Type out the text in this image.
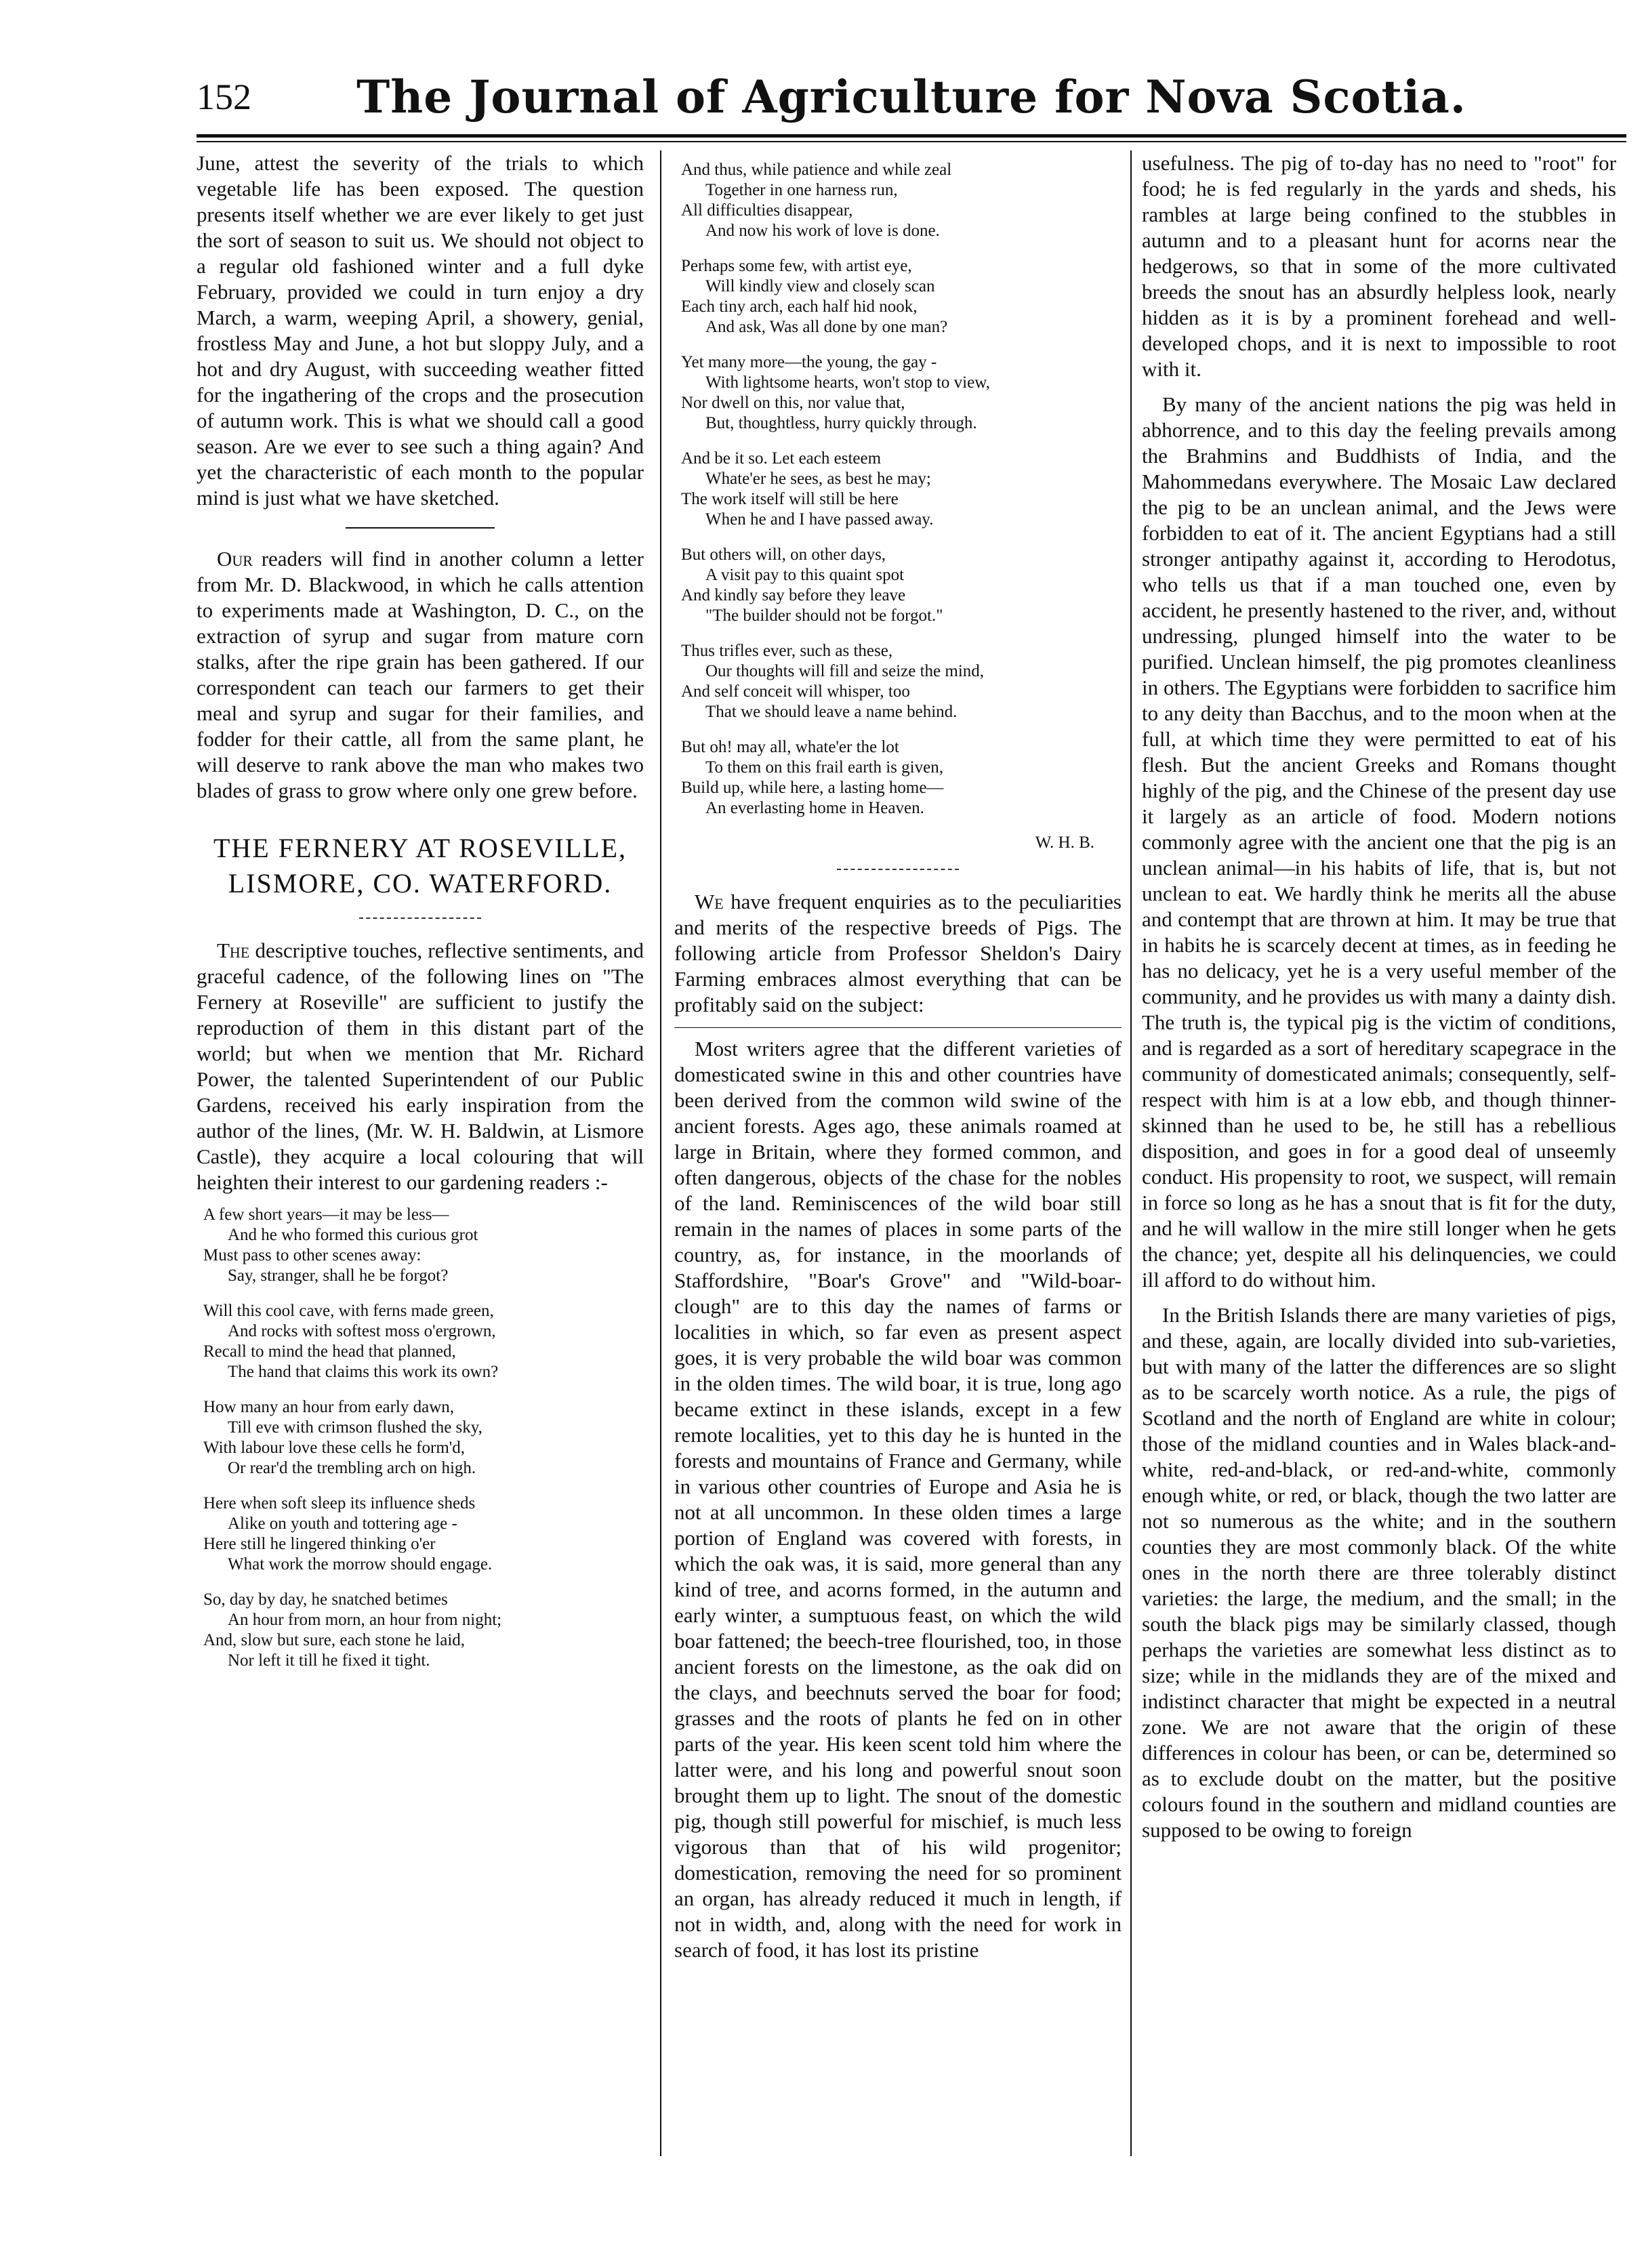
152	The Journal of Agriculture for Nova Scotia.

June, attest the severity of the trials to which vegetable life has been exposed. The question presents itself whether we are ever likely to get just the sort of season to suit us. We should not object to a regular old fashioned winter and a full dyke February, provided we could in turn enjoy a dry March, a warm, weeping April, a showery, genial, frostless May and June, a hot but sloppy July, and a hot and dry August, with succeeding weather fitted for the ingathering of the crops and the prosecution of autumn work. This is what we should call a good season. Are we ever to see such a thing again? And yet the characteristic of each month to the popular mind is just what we have sketched.

Our readers will find in another column a letter from Mr. D. Blackwood, in which he calls attention to experiments made at Washington, D. C., on the extraction of syrup and sugar from mature corn stalks, after the ripe grain has been gathered. If our correspondent can teach our farmers to get their meal and syrup and sugar for their families, and fodder for their cattle, all from the same plant, he will deserve to rank above the man who makes two blades of grass to grow where only one grew before.

THE FERNERY AT ROSEVILLE, LISMORE, CO. WATERFORD.

The descriptive touches, reflective sentiments, and graceful cadence, of the following lines on "The Fernery at Roseville" are sufficient to justify the reproduction of them in this distant part of the world; but when we mention that Mr. Richard Power, the talented Superintendent of our Public Gardens, received his early inspiration from the author of the lines, (Mr. W. H. Baldwin, at Lismore Castle), they acquire a local colouring that will heighten their interest to our gardening readers :-

A few short years—it may be less—
And he who formed this curious grot
Must pass to other scenes away:
Say, stranger, shall he be forgot?
Will this cool cave, with ferns made green,
And rocks with softest moss o'ergrown,
Recall to mind the head that planned,
The hand that claims this work its own?
How many an hour from early dawn,
Till eve with crimson flushed the sky,
With labour love these cells he form'd,
Or rear'd the trembling arch on high.
Here when soft sleep its influence sheds
Alike on youth and tottering age -
Here still he lingered thinking o'er
What work the morrow should engage.
So, day by day, he snatched betimes
An hour from morn, an hour from night;
And, slow but sure, each stone he laid,
Nor left it till he fixed it tight.
And thus, while patience and while zeal
Together in one harness run,
All difficulties disappear,
And now his work of love is done.
Perhaps some few, with artist eye,
Will kindly view and closely scan
Each tiny arch, each half hid nook,
And ask, Was all done by one man?
Yet many more—the young, the gay -
With lightsome hearts, won't stop to view,
Nor dwell on this, nor value that,
But, thoughtless, hurry quickly through.
And be it so. Let each esteem
Whate'er he sees, as best he may;
The work itself will still be here
When he and I have passed away.
But others will, on other days,
A visit pay to this quaint spot
And kindly say before they leave
"The builder should not be forgot."
Thus trifles ever, such as these,
Our thoughts will fill and seize the mind,
And self conceit will whisper, too
That we should leave a name behind.
But oh! may all, whate'er the lot
To them on this frail earth is given,
Build up, while here, a lasting home—
An everlasting home in Heaven.
W. H. B.

We have frequent enquiries as to the peculiarities and merits of the respective breeds of Pigs. The following article from Professor Sheldon's Dairy Farming embraces almost everything that can be profitably said on the subject:

Most writers agree that the different varieties of domesticated swine in this and other countries have been derived from the common wild swine of the ancient forests. Ages ago, these animals roamed at large in Britain, where they formed common, and often dangerous, objects of the chase for the nobles of the land. Reminiscences of the wild boar still remain in the names of places in some parts of the country, as, for instance, in the moorlands of Staffordshire, "Boar's Grove" and "Wild-boar-clough" are to this day the names of farms or localities in which, so far even as present aspect goes, it is very probable the wild boar was common in the olden times. The wild boar, it is true, long ago became extinct in these islands, except in a few remote localities, yet to this day he is hunted in the forests and mountains of France and Germany, while in various other countries of Europe and Asia he is not at all uncommon. In these olden times a large portion of England was covered with forests, in which the oak was, it is said, more general than any kind of tree, and acorns formed, in the autumn and early winter, a sumptuous feast, on which the wild boar fattened; the beech-tree flourished, too, in those ancient forests on the limestone, as the oak did on the clays, and beechnuts served the boar for food; grasses and the roots of plants he fed on in other parts of the year. His keen scent told him where the latter were, and his long and powerful snout soon brought them up to light. The snout of the domestic pig, though still powerful for mischief, is much less vigorous than that of his wild progenitor; domestication, removing the need for so prominent an organ, has already reduced it much in length, if not in width, and, along with the need for work in search of food, it has lost its pristine

usefulness. The pig of to-day has no need to "root" for food; he is fed regularly in the yards and sheds, his rambles at large being confined to the stubbles in autumn and to a pleasant hunt for acorns near the hedgerows, so that in some of the more cultivated breeds the snout has an absurdly helpless look, nearly hidden as it is by a prominent forehead and well-developed chops, and it is next to impossible to root with it.

By many of the ancient nations the pig was held in abhorrence, and to this day the feeling prevails among the Brahmins and Buddhists of India, and the Mahommedans everywhere. The Mosaic Law declared the pig to be an unclean animal, and the Jews were forbidden to eat of it. The ancient Egyptians had a still stronger antipathy against it, according to Herodotus, who tells us that if a man touched one, even by accident, he presently hastened to the river, and, without undressing, plunged himself into the water to be purified. Unclean himself, the pig promotes cleanliness in others. The Egyptians were forbidden to sacrifice him to any deity than Bacchus, and to the moon when at the full, at which time they were permitted to eat of his flesh. But the ancient Greeks and Romans thought highly of the pig, and the Chinese of the present day use it largely as an article of food. Modern notions commonly agree with the ancient one that the pig is an unclean animal—in his habits of life, that is, but not unclean to eat. We hardly think he merits all the abuse and contempt that are thrown at him. It may be true that in habits he is scarcely decent at times, as in feeding he has no delicacy, yet he is a very useful member of the community, and he provides us with many a dainty dish. The truth is, the typical pig is the victim of conditions, and is regarded as a sort of hereditary scapegrace in the community of domesticated animals; consequently, self-respect with him is at a low ebb, and though thinner-skinned than he used to be, he still has a rebellious disposition, and goes in for a good deal of unseemly conduct. His propensity to root, we suspect, will remain in force so long as he has a snout that is fit for the duty, and he will wallow in the mire still longer when he gets the chance; yet, despite all his delinquencies, we could ill afford to do without him.

In the British Islands there are many varieties of pigs, and these, again, are locally divided into sub-varieties, but with many of the latter the differences are so slight as to be scarcely worth notice. As a rule, the pigs of Scotland and the north of England are white in colour; those of the midland counties and in Wales black-and-white, red-and-black, or red-and-white, commonly enough white, or red, or black, though the two latter are not so numerous as the white; and in the southern counties they are most commonly black. Of the white ones in the north there are three tolerably distinct varieties: the large, the medium, and the small; in the south the black pigs may be similarly classed, though perhaps the varieties are somewhat less distinct as to size; while in the midlands they are of the mixed and indistinct character that might be expected in a neutral zone. We are not aware that the origin of these differences in colour has been, or can be, determined so as to exclude doubt on the matter, but the positive colours found in the southern and midland counties are supposed to be owing to foreign
